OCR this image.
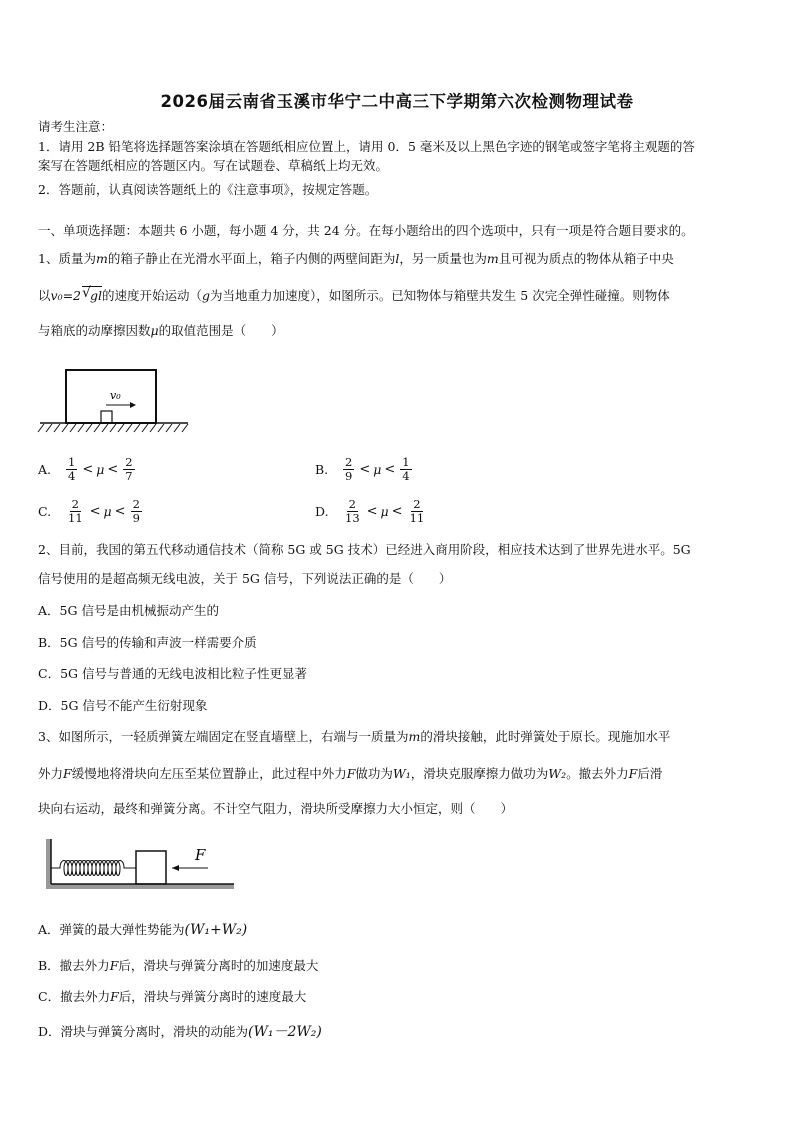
2026届云南省玉溪市华宁二中高三下学期第六次检测物理试卷
请考生注意：
1．请用 2B 铅笔将选择题答案涂填在答题纸相应位置上，请用 0．5 毫米及以上黑色字迹的钢笔或签字笔将主观题的答
案写在答题纸相应的答题区内。写在试题卷、草稿纸上均无效。
2．答题前，认真阅读答题纸上的《注意事项》，按规定答题。
一、单项选择题：本题共 6 小题，每小题 4 分，共 24 分。在每小题给出的四个选项中，只有一项是符合题目要求的。
1、质量为m的箱子静止在光滑水平面上，箱子内侧的两壁间距为l，另一质量也为m且可视为质点的物体从箱子中央
以v₀=2 √ gl的速度开始运动（g为当地重力加速度），如图所示。已知物体与箱壁共发生 5 次完全弹性碰撞。则物体
与箱底的动摩擦因数μ的取值范围是（　　）
v₀
A.	$\frac{1}{4} < \mu < \frac{2}{7}$	B.	$\frac{2}{9} < \mu < \frac{1}{4}$
C.	$\frac{2}{11} < \mu < \frac{2}{9}$	D.	$\frac{2}{13} < \mu < \frac{2}{11}$
2、目前，我国的第五代移动通信技术（简称 5G 或 5G 技术）已经进入商用阶段，相应技术达到了世界先进水平。5G
信号使用的是超高频无线电波，关于 5G 信号，下列说法正确的是（　　）
A．5G 信号是由机械振动产生的
B．5G 信号的传输和声波一样需要介质
C．5G 信号与普通的无线电波相比粒子性更显著
D．5G 信号不能产生衍射现象
3、如图所示，一轻质弹簧左端固定在竖直墙壁上，右端与一质量为m的滑块接触，此时弹簧处于原长。现施加水平
外力F缓慢地将滑块向左压至某位置静止，此过程中外力F做功为W₁，滑块克服摩擦力做功为W₂。撤去外力F后滑
块向右运动，最终和弹簧分离。不计空气阻力，滑块所受摩擦力大小恒定，则（　　）
F
A．弹簧的最大弹性势能为(W₁+W₂)
B．撤去外力F后，滑块与弹簧分离时的加速度最大
C．撤去外力F后，滑块与弹簧分离时的速度最大
D．滑块与弹簧分离时，滑块的动能为(W₁－2W₂)
